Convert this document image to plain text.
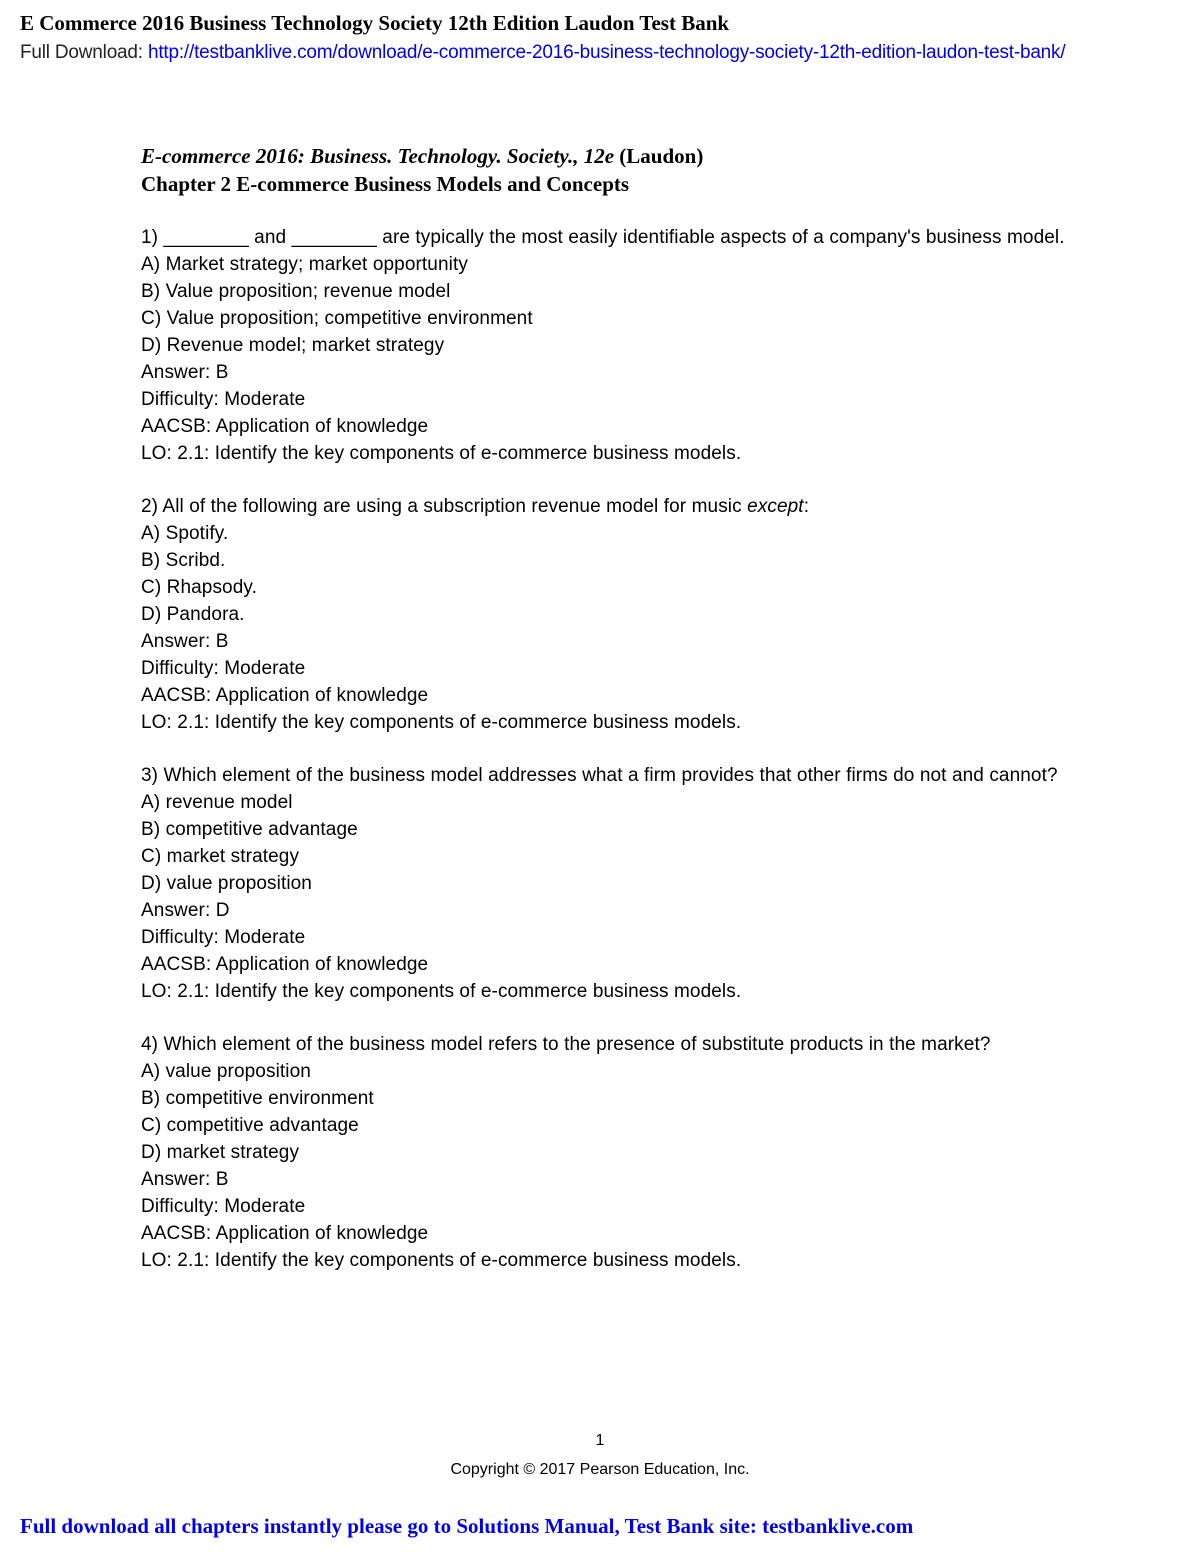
E Commerce 2016 Business Technology Society 12th Edition Laudon Test Bank
Full Download: http://testbanklive.com/download/e-commerce-2016-business-technology-society-12th-edition-laudon-test-bank/
E-commerce 2016: Business. Technology. Society., 12e (Laudon)
Chapter 2 E-commerce Business Models and Concepts
1) ________ and ________ are typically the most easily identifiable aspects of a company's business model.
A) Market strategy; market opportunity
B) Value proposition; revenue model
C) Value proposition; competitive environment
D) Revenue model; market strategy
Answer: B
Difficulty: Moderate
AACSB: Application of knowledge
LO: 2.1: Identify the key components of e-commerce business models.
2) All of the following are using a subscription revenue model for music except:
A) Spotify.
B) Scribd.
C) Rhapsody.
D) Pandora.
Answer: B
Difficulty: Moderate
AACSB: Application of knowledge
LO: 2.1: Identify the key components of e-commerce business models.
3) Which element of the business model addresses what a firm provides that other firms do not and cannot?
A) revenue model
B) competitive advantage
C) market strategy
D) value proposition
Answer: D
Difficulty: Moderate
AACSB: Application of knowledge
LO: 2.1: Identify the key components of e-commerce business models.
4) Which element of the business model refers to the presence of substitute products in the market?
A) value proposition
B) competitive environment
C) competitive advantage
D) market strategy
Answer: B
Difficulty: Moderate
AACSB: Application of knowledge
LO: 2.1: Identify the key components of e-commerce business models.
1
Copyright © 2017 Pearson Education, Inc.
Full download all chapters instantly please go to Solutions Manual, Test Bank site: testbanklive.com
